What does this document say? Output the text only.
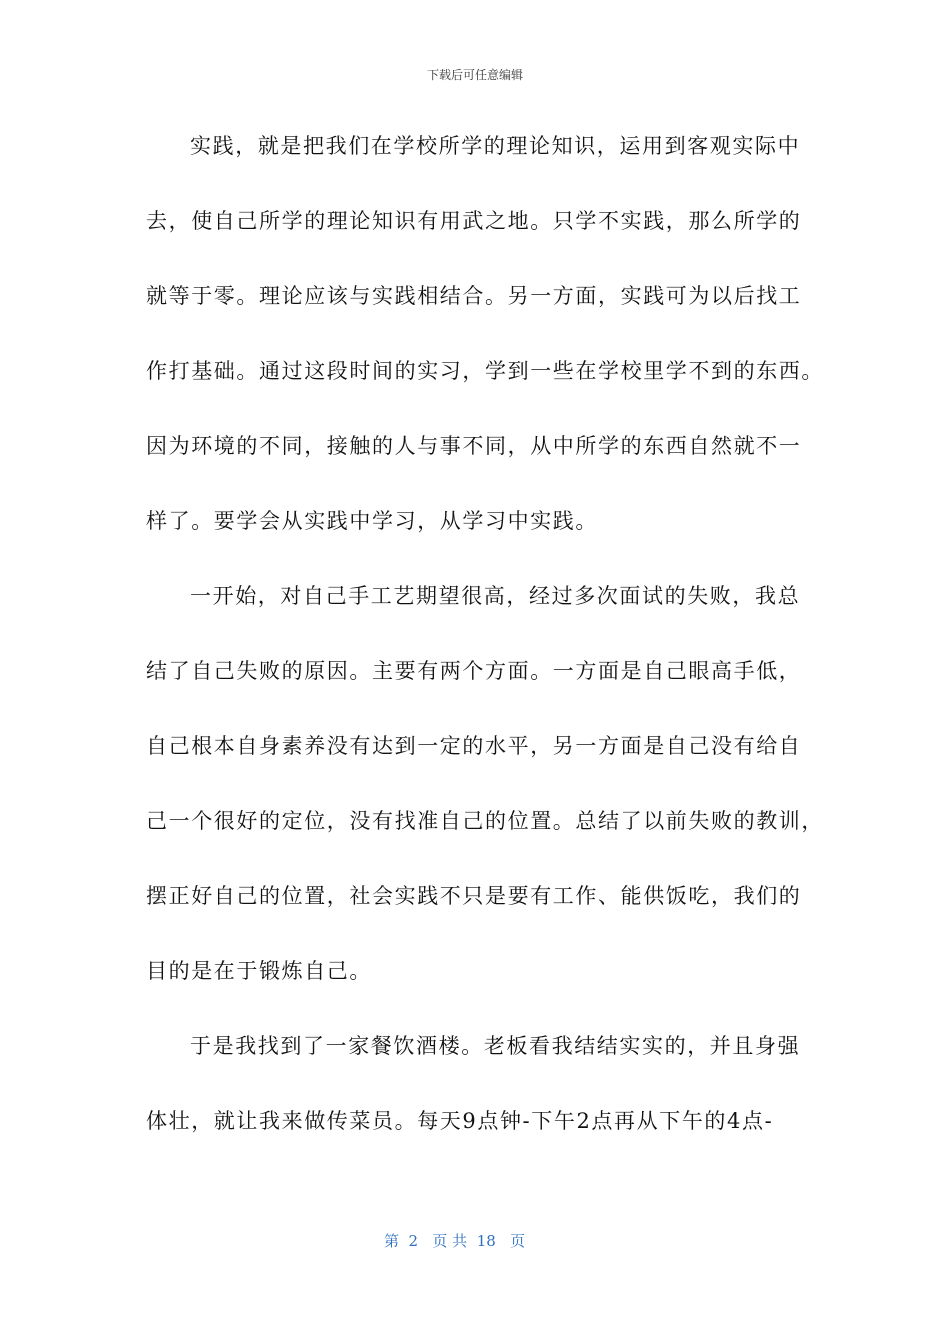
下载后可任意编辑
实践，就是把我们在学校所学的理论知识，运用到客观实际中
去，使自己所学的理论知识有用武之地。只学不实践，那么所学的
就等于零。理论应该与实践相结合。另一方面，实践可为以后找工
作打基础。通过这段时间的实习，学到一些在学校里学不到的东西。
因为环境的不同，接触的人与事不同，从中所学的东西自然就不一
样了。要学会从实践中学习，从学习中实践。
一开始，对自己手工艺期望很高，经过多次面试的失败，我总
结了自己失败的原因。主要有两个方面。一方面是自己眼高手低，
自己根本自身素养没有达到一定的水平，另一方面是自己没有给自
己一个很好的定位，没有找准自己的位置。总结了以前失败的教训，
摆正好自己的位置，社会实践不只是要有工作、能供饭吃，我们的
目的是在于锻炼自己。
于是我找到了一家餐饮酒楼。老板看我结结实实的，并且身强
体壮，就让我来做传菜员。每天9点钟-下午2点再从下午的4点-
第  2   页 共  18   页
